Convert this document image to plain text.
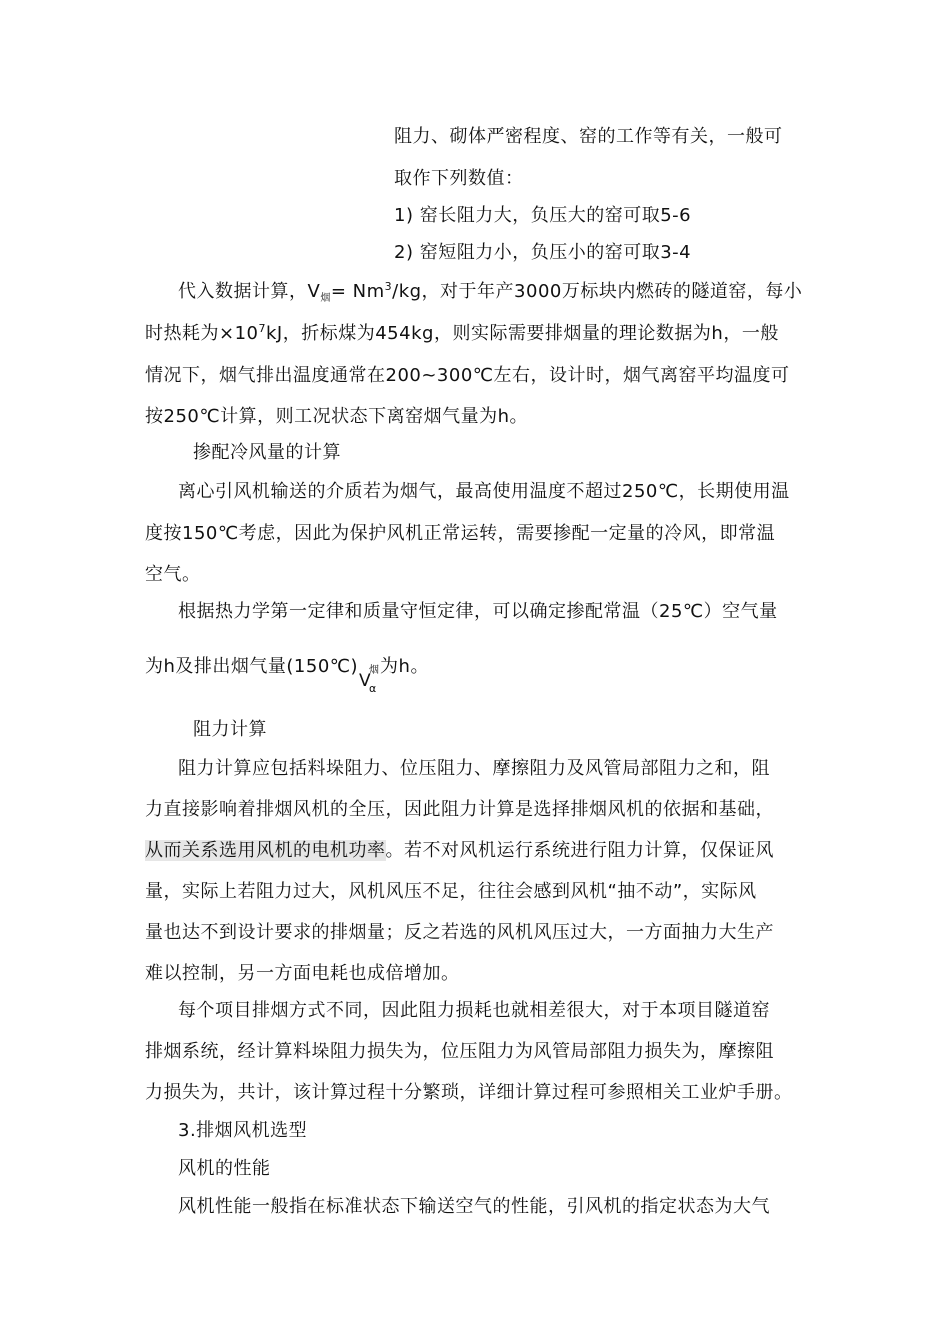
阻力、砌体严密程度、窑的工作等有关，一般可
取作下列数值：
1) 窑长阻力大，负压大的窑可取5-6
2) 窑短阻力小，负压小的窑可取3-4
代入数据计算，$V_烟= Nm^3/kg$，对于年产3000万标块内燃砖的隧道窑，每小
时热耗为$\times 10^7kJ$，折标煤为454kg，则实际需要排烟量的理论数据为h，一般
情况下，烟气排出温度通常在200~300℃左右，设计时，烟气离窑平均温度可
按250℃计算，则工况状态下离窑烟气量为h。
掺配冷风量的计算
离心引风机输送的介质若为烟气，最高使用温度不超过250℃，长期使用温
度按150℃考虑，因此为保护风机正常运转，需要掺配一定量的冷风，即常温
空气。
根据热力学第一定律和质量守恒定律，可以确定掺配常温（25℃）空气量
为h及排出烟气量(150℃)
V
烟
α
为h。
阻力计算
阻力计算应包括料垛阻力、位压阻力、摩擦阻力及风管局部阻力之和，阻
力直接影响着排烟风机的全压，因此阻力计算是选择排烟风机的依据和基础，
从而关系选用风机的电机功率。若不对风机运行系统进行阻力计算，仅保证风
量，实际上若阻力过大，风机风压不足，往往会感到风机“抽不动”，实际风
量也达不到设计要求的排烟量；反之若选的风机风压过大，一方面抽力大生产
难以控制，另一方面电耗也成倍增加。
每个项目排烟方式不同，因此阻力损耗也就相差很大，对于本项目隧道窑
排烟系统，经计算料垛阻力损失为，位压阻力为风管局部阻力损失为，摩擦阻
力损失为，共计，该计算过程十分繁琐，详细计算过程可参照相关工业炉手册。
3.排烟风机选型
风机的性能
风机性能一般指在标准状态下输送空气的性能，引风机的指定状态为大气
